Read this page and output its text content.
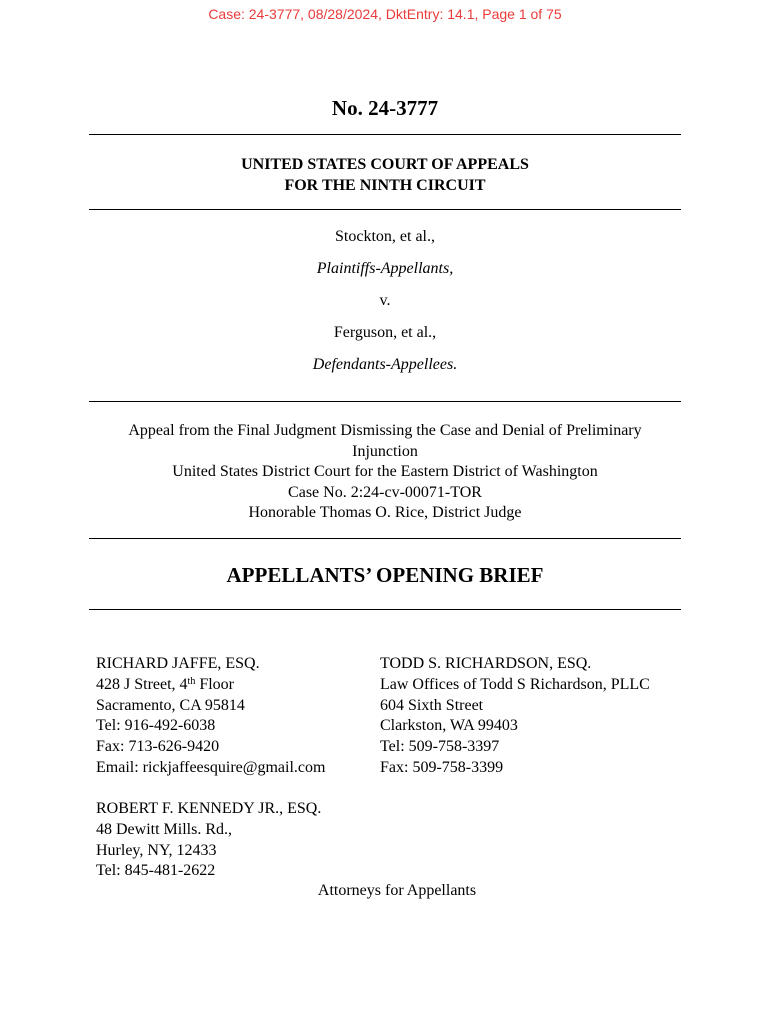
Case: 24-3777, 08/28/2024, DktEntry: 14.1, Page 1 of 75
No. 24-3777
UNITED STATES COURT OF APPEALS
FOR THE NINTH CIRCUIT
Stockton, et al.,
Plaintiffs-Appellants,
v.
Ferguson, et al.,
Defendants-Appellees.
Appeal from the Final Judgment Dismissing the Case and Denial of Preliminary
Injunction
United States District Court for the Eastern District of Washington
Case No. 2:24-cv-00071-TOR
Honorable Thomas O. Rice, District Judge
APPELLANTS’ OPENING BRIEF
RICHARD JAFFE, ESQ.
428 J Street, 4th Floor
Sacramento, CA 95814
Tel: 916-492-6038
Fax: 713-626-9420
Email: rickjaffeesquire@gmail.com
TODD S. RICHARDSON, ESQ.
Law Offices of Todd S Richardson, PLLC
604 Sixth Street
Clarkston, WA 99403
Tel: 509-758-3397
Fax: 509-758-3399
ROBERT F. KENNEDY JR., ESQ.
48 Dewitt Mills. Rd.,
Hurley, NY, 12433
Tel: 845-481-2622
Attorneys for Appellants
